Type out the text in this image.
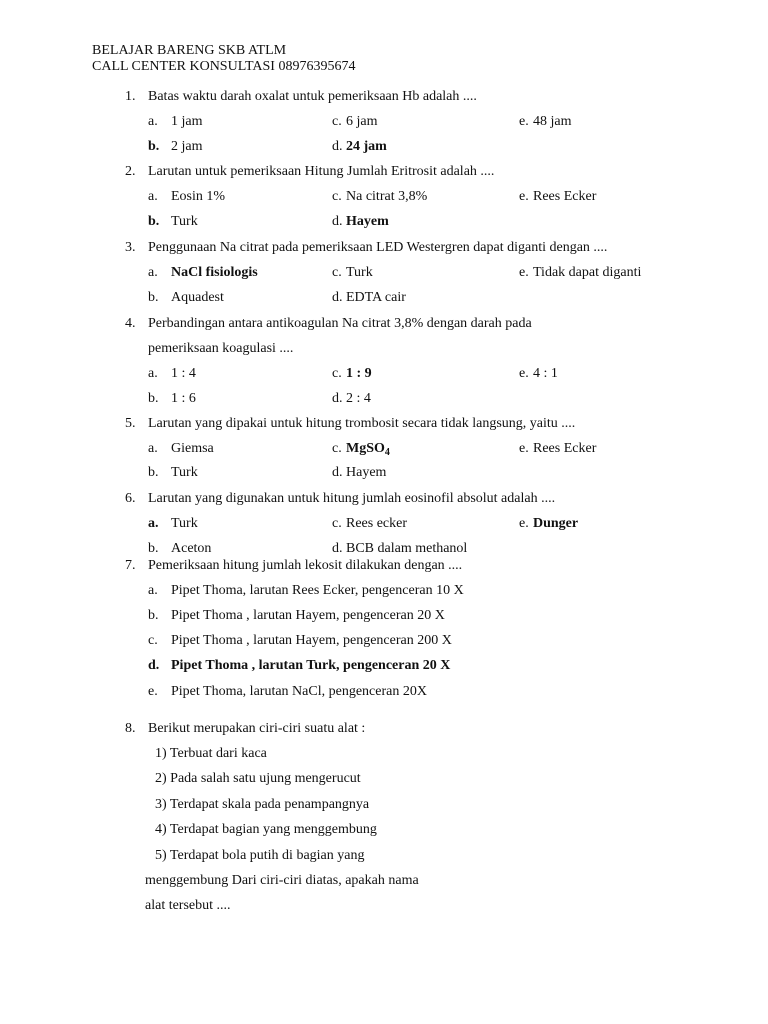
BELAJAR BARENG SKB ATLM
CALL CENTER KONSULTASI 08976395674
1. Batas waktu darah oxalat untuk pemeriksaan Hb adalah ....
a. 1 jam	c. 6 jam	e. 48 jam
b. 2 jam	d. 24 jam
2. Larutan untuk pemeriksaan Hitung Jumlah Eritrosit adalah ....
a. Eosin 1%	c. Na citrat 3,8%	e. Rees Ecker
b. Turk	d. Hayem
3. Penggunaan Na citrat pada pemeriksaan LED Westergren dapat diganti dengan ....
a. NaCl fisiologis	c. Turk	e. Tidak dapat diganti
b. Aquadest	d. EDTA cair
4. Perbandingan antara antikoagulan Na citrat 3,8% dengan darah pada
pemeriksaan koagulasi ....
a. 1 : 4	c. 1 : 9	e. 4 : 1
b. 1 : 6	d. 2 : 4
5. Larutan yang dipakai untuk hitung trombosit secara tidak langsung, yaitu ....
a. Giemsa	c. MgSO$_4$	e. Rees Ecker
b. Turk	d. Hayem
6. Larutan yang digunakan untuk hitung jumlah eosinofil absolut adalah ....
a. Turk	c. Rees ecker	e. Dunger
b. Aceton	d. BCB dalam methanol
7. Pemeriksaan hitung jumlah lekosit dilakukan dengan ....
a. Pipet Thoma, larutan Rees Ecker, pengenceran 10 X
b. Pipet Thoma , larutan Hayem, pengenceran 20 X
c. Pipet Thoma , larutan Hayem, pengenceran 200 X
d. Pipet Thoma , larutan Turk, pengenceran 20 X
e. Pipet Thoma, larutan NaCl, pengenceran 20X
8. Berikut merupakan ciri-ciri suatu alat :
1) Terbuat dari kaca
2) Pada salah satu ujung mengerucut
3) Terdapat skala pada penampangnya
4) Terdapat bagian yang menggembung
5) Terdapat bola putih di bagian yang
menggembung Dari ciri-ciri diatas, apakah nama
alat tersebut ....
